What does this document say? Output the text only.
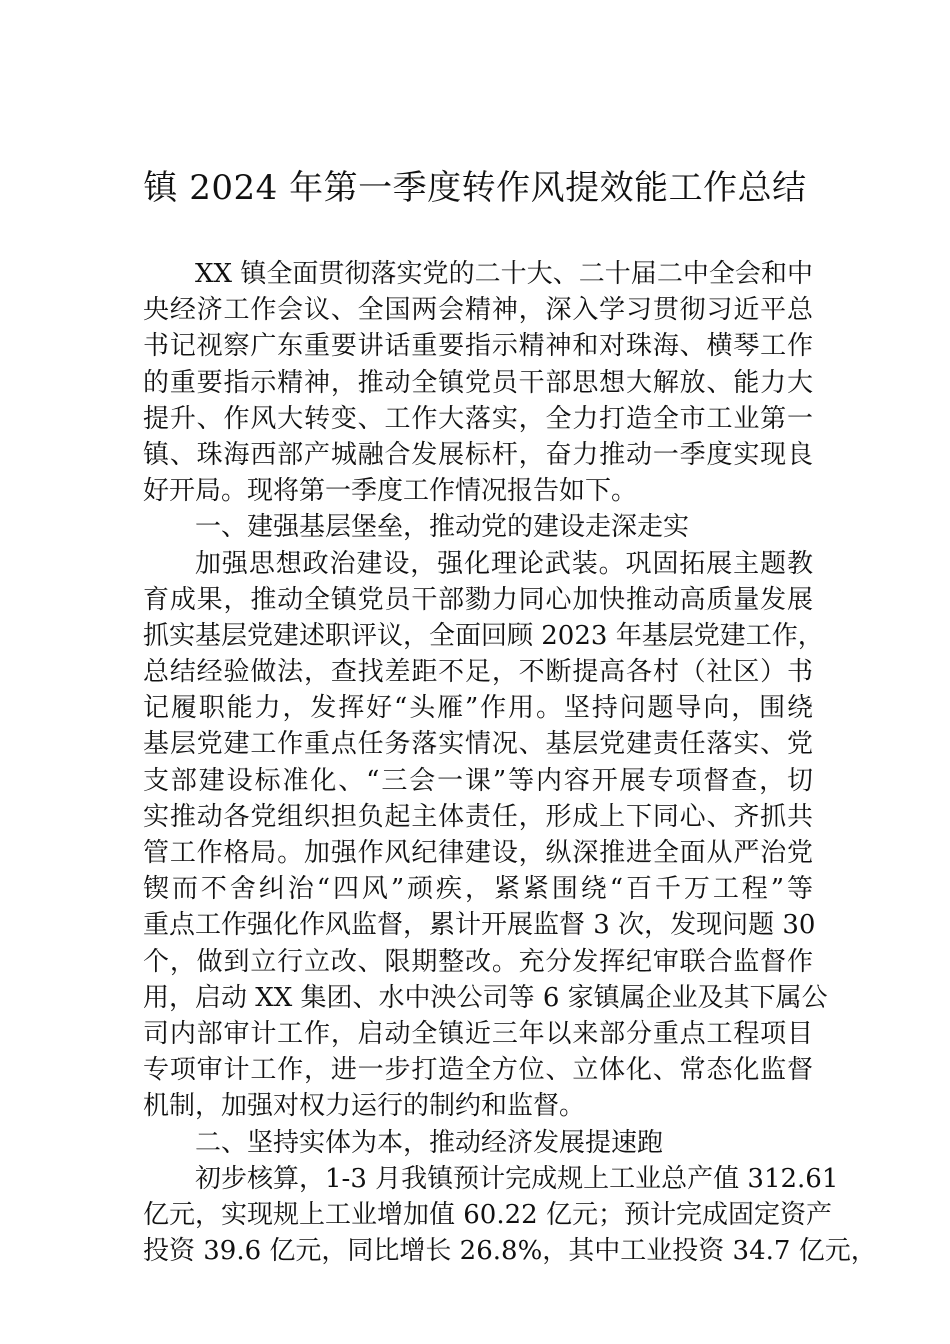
镇 2024 年第一季度转作风提效能工作总结
XX 镇全面贯彻落实党的二十大、二十届二中全会和中
央经济工作会议、全国两会精神，深入学习贯彻习近平总
书记视察广东重要讲话重要指示精神和对珠海、横琴工作
的重要指示精神，推动全镇党员干部思想大解放、能力大
提升、作风大转变、工作大落实，全力打造全市工业第一
镇、珠海西部产城融合发展标杆，奋力推动一季度实现良
好开局。现将第一季度工作情况报告如下。
一、建强基层堡垒，推动党的建设走深走实
加强思想政治建设，强化理论武装。巩固拓展主题教
育成果，推动全镇党员干部勠力同心加快推动高质量发展
抓实基层党建述职评议，全面回顾 2023 年基层党建工作，
总结经验做法，查找差距不足，不断提高各村（社区）书
记履职能力，发挥好“头雁”作用。坚持问题导向，围绕
基层党建工作重点任务落实情况、基层党建责任落实、党
支部建设标准化、“三会一课”等内容开展专项督查，切
实推动各党组织担负起主体责任，形成上下同心、齐抓共
管工作格局。加强作风纪律建设，纵深推进全面从严治党
锲而不舍纠治“四风”顽疾，紧紧围绕“百千万工程”等
重点工作强化作风监督，累计开展监督 3 次，发现问题 30
个，做到立行立改、限期整改。充分发挥纪审联合监督作
用，启动 XX 集团、水中泱公司等 6 家镇属企业及其下属公
司内部审计工作，启动全镇近三年以来部分重点工程项目
专项审计工作，进一步打造全方位、立体化、常态化监督
机制，加强对权力运行的制约和监督。
二、坚持实体为本，推动经济发展提速跑
初步核算，1-3 月我镇预计完成规上工业总产值 312.61
亿元，实现规上工业增加值 60.22 亿元；预计完成固定资产
投资 39.6 亿元，同比增长 26.8%，其中工业投资 34.7 亿元，
